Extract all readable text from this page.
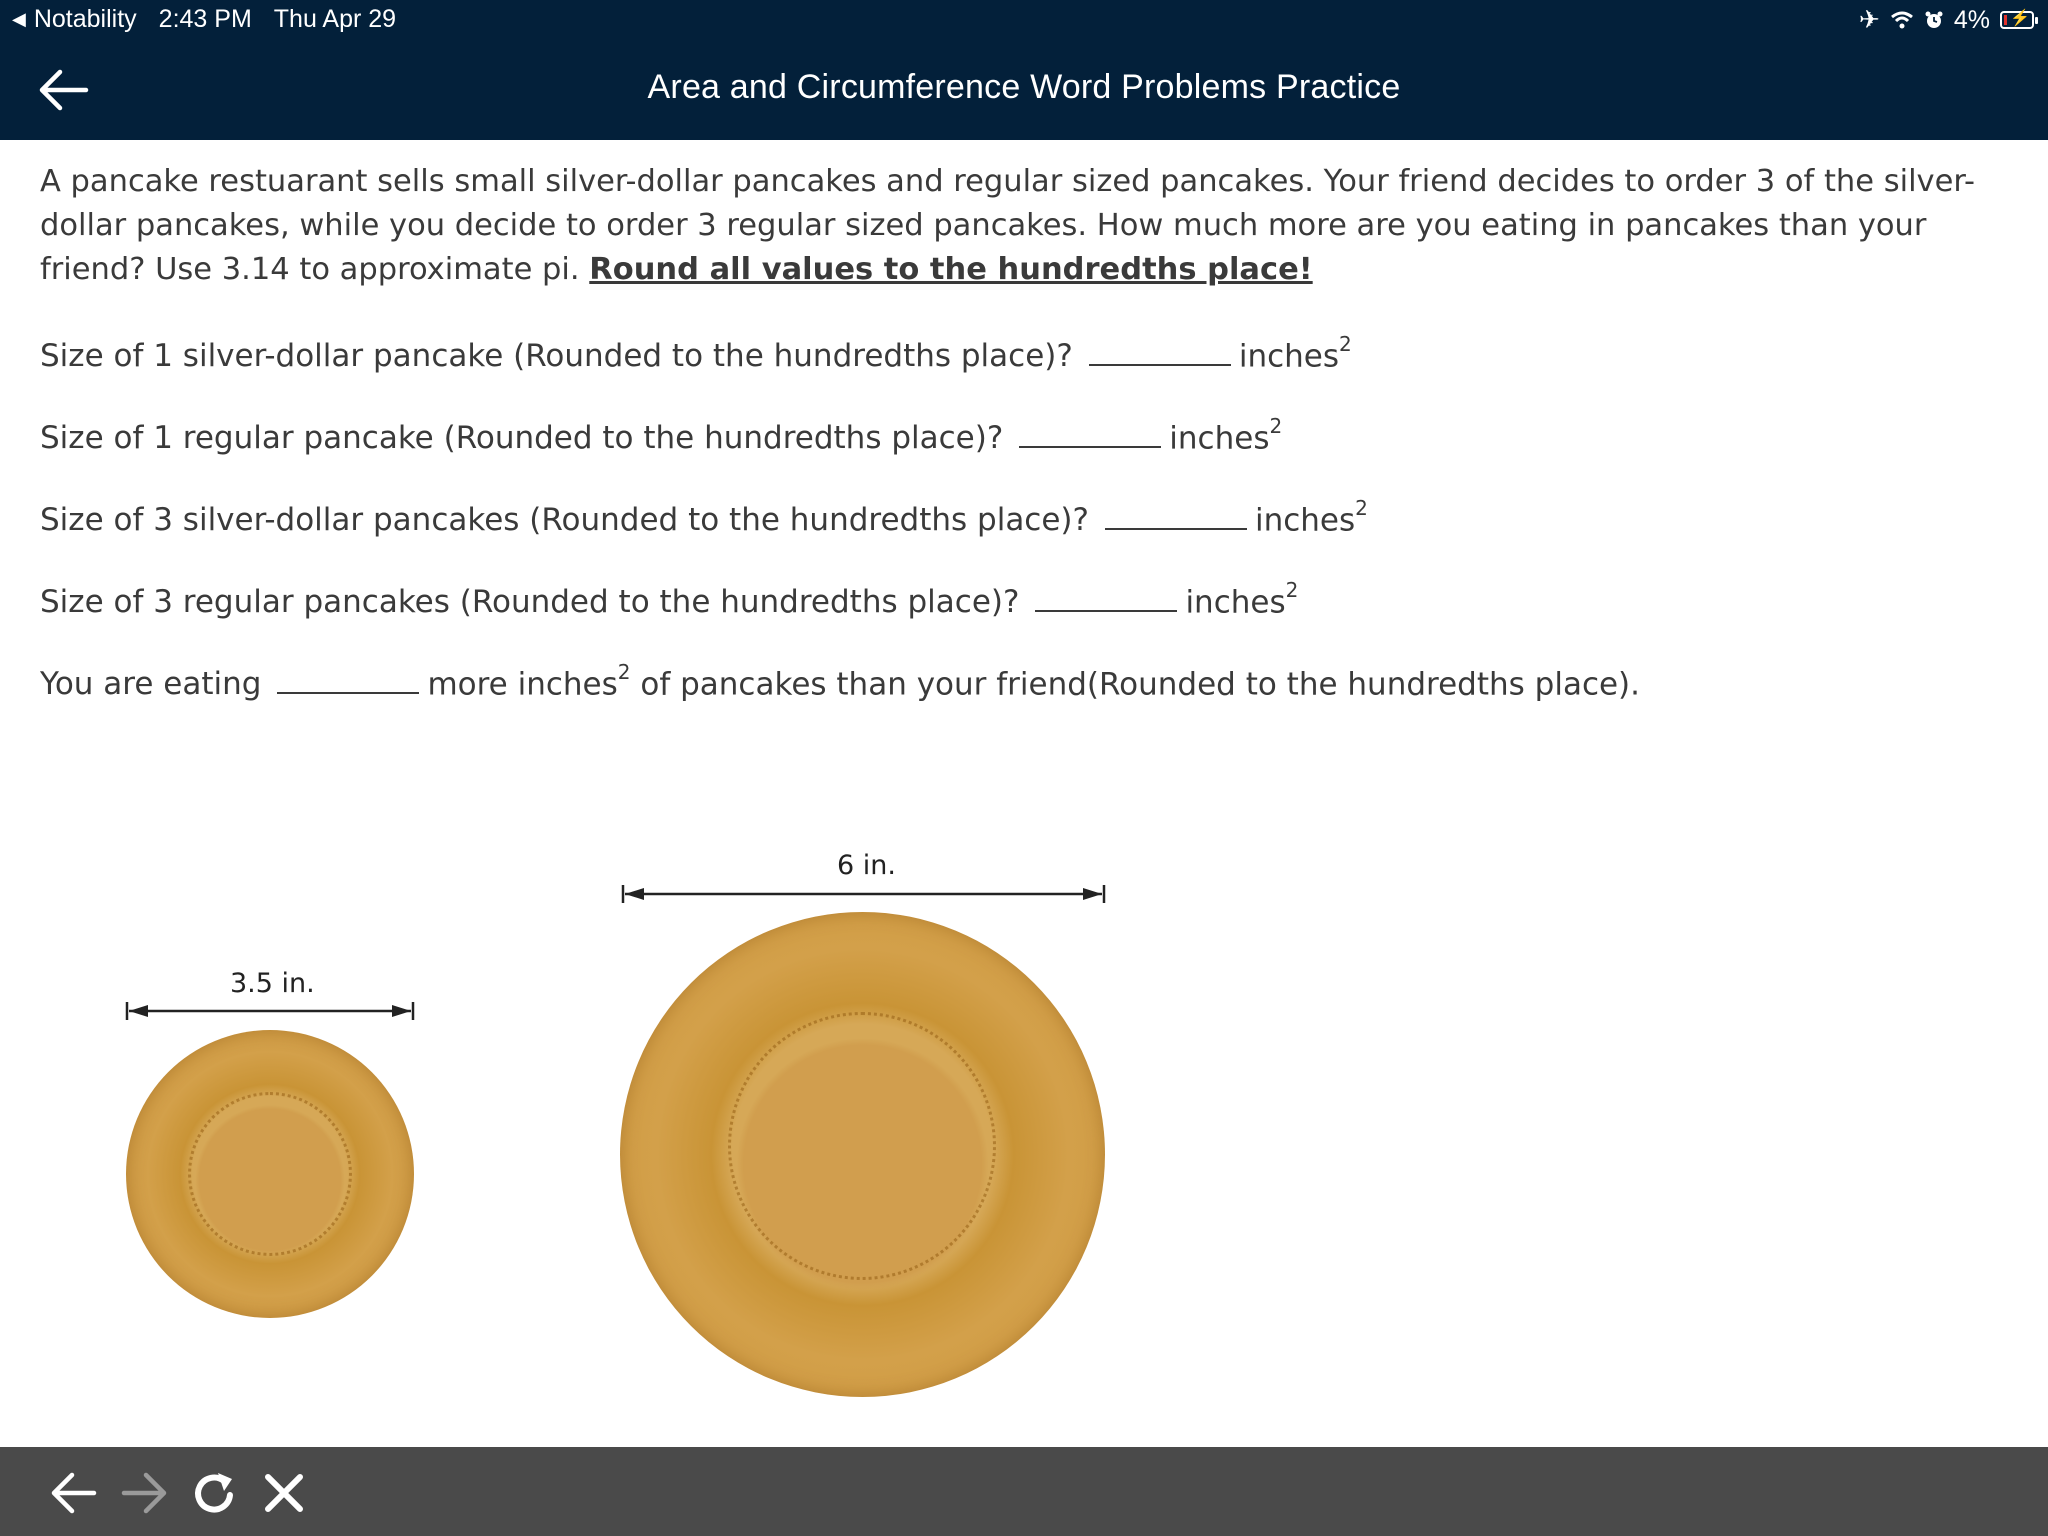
◀ Notability 2:43 PM Thu Apr 29	✈	4% ⚡
Area and Circumference Word Problems Practice

A pancake restuarant sells small silver-dollar pancakes and regular sized pancakes. Your friend decides to order 3 of the silver-dollar pancakes, while you decide to order 3 regular sized pancakes. How much more are you eating in pancakes than your friend? Use 3.14 to approximate pi. Round all values to the hundredths place!

Size of 1 silver-dollar pancake (Rounded to the hundredths place)?	inches$^2$
Size of 1 regular pancake (Rounded to the hundredths place)?	inches$^2$
Size of 3 silver-dollar pancakes (Rounded to the hundredths place)?	inches$^2$
Size of 3 regular pancakes (Rounded to the hundredths place)?	inches$^2$
You are eating	more inches$^2$ of pancakes than your friend(Rounded to the hundredths place).
3.5 in.
6 in.
